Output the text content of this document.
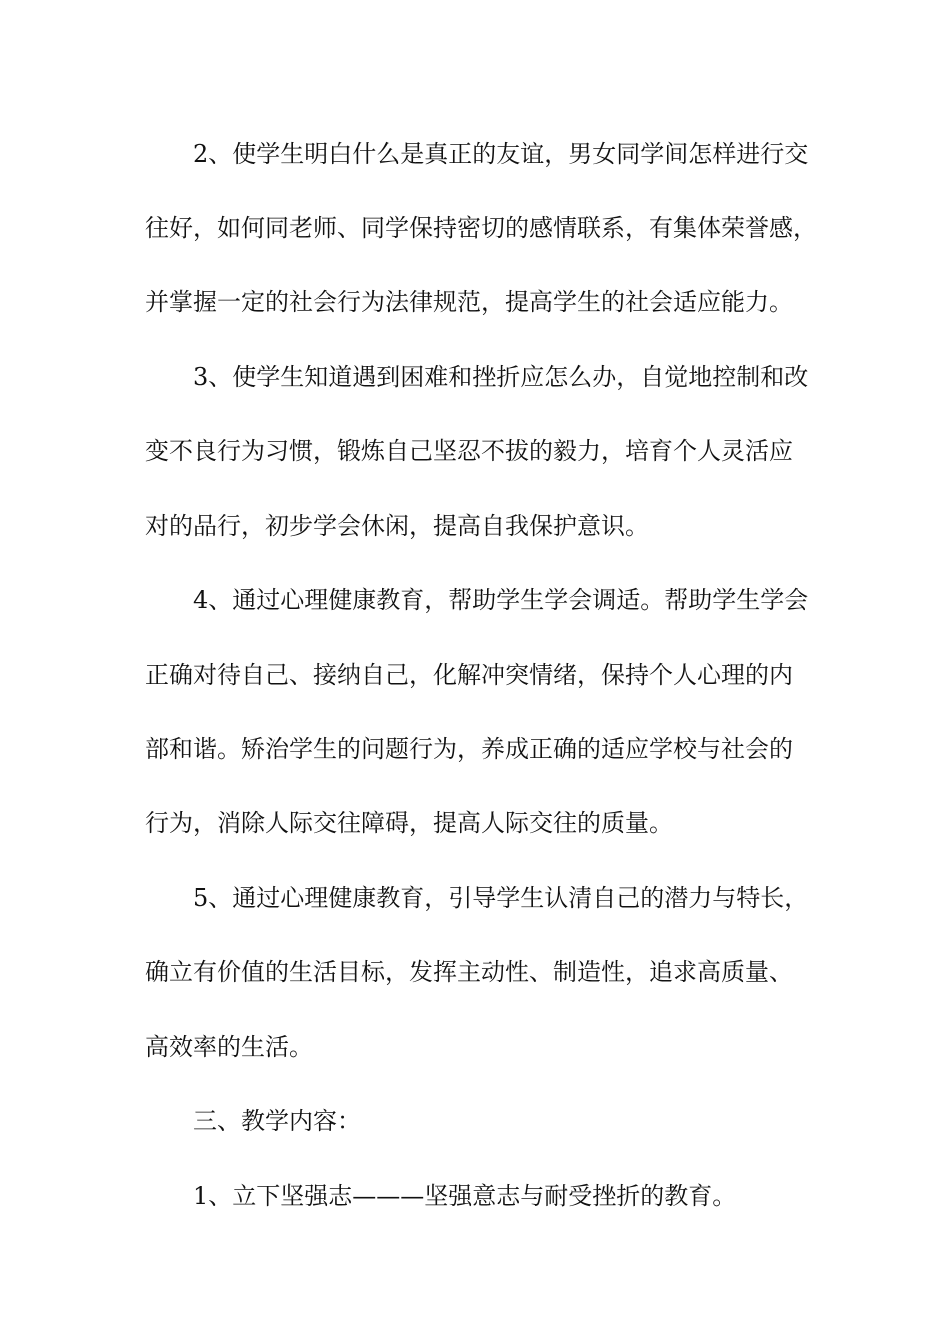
2、使学生明白什么是真正的友谊，男女同学间怎样进行交
往好，如何同老师、同学保持密切的感情联系，有集体荣誉感，
并掌握一定的社会行为法律规范，提高学生的社会适应能力。
3、使学生知道遇到困难和挫折应怎么办，自觉地控制和改
变不良行为习惯，锻炼自己坚忍不拔的毅力，培育个人灵活应
对的品行，初步学会休闲，提高自我保护意识。
4、通过心理健康教育，帮助学生学会调适。帮助学生学会
正确对待自己、接纳自己，化解冲突情绪，保持个人心理的内
部和谐。矫治学生的问题行为，养成正确的适应学校与社会的
行为，消除人际交往障碍，提高人际交往的质量。
5、通过心理健康教育，引导学生认清自己的潜力与特长，
确立有价值的生活目标，发挥主动性、制造性，追求高质量、
高效率的生活。
三、教学内容：
1、立下坚强志———坚强意志与耐受挫折的教育。
